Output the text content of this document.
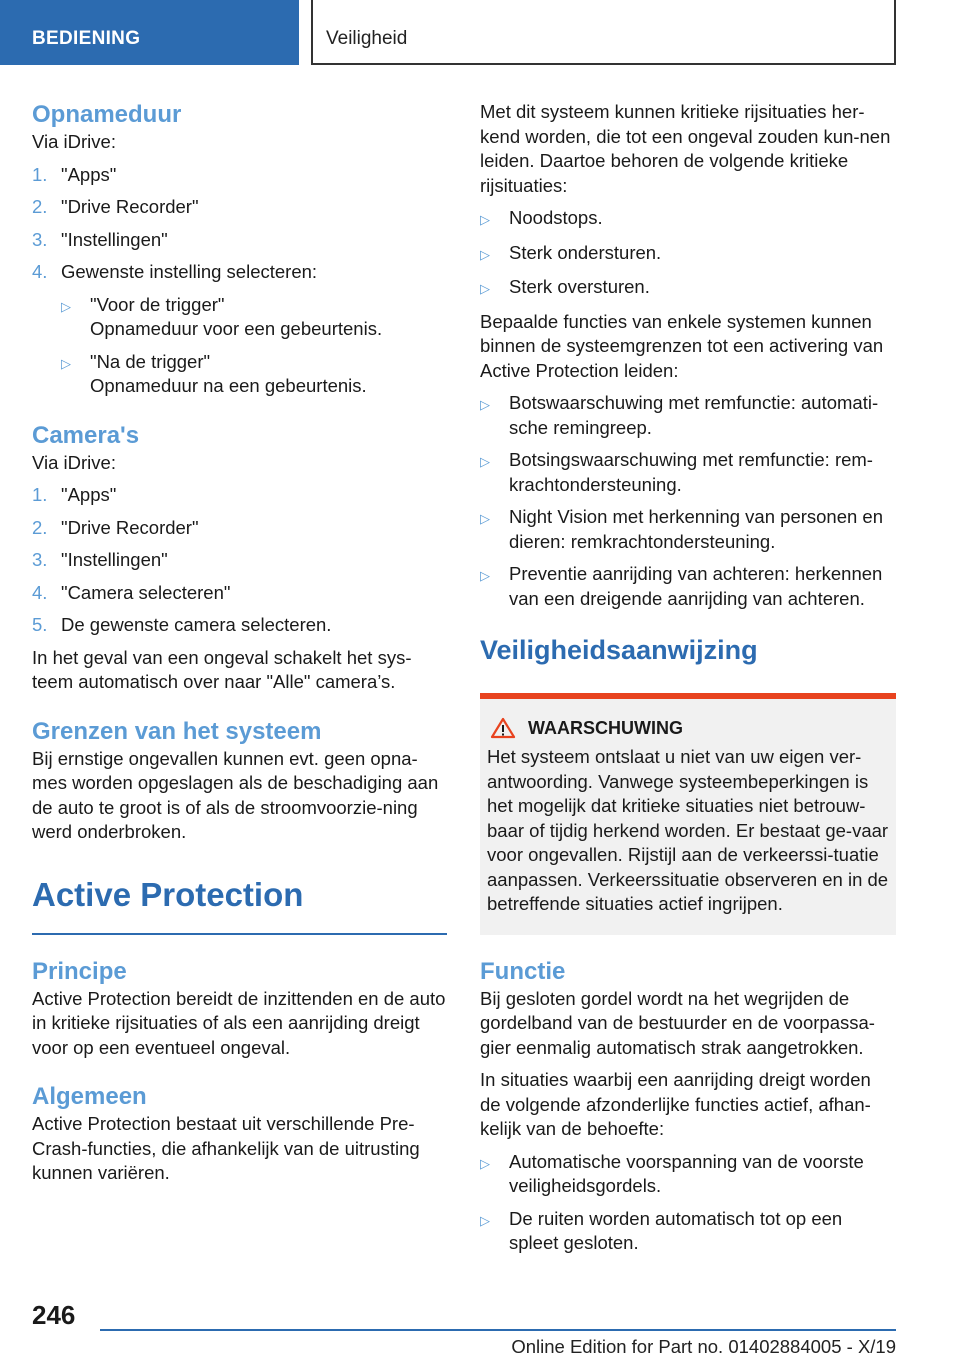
BEDIENING	Veiligheid
Opnameduur

Via iDrive:

1. "Apps"
2. "Drive Recorder"
3. "Instellingen"
4. Gewenste instelling selecteren:
▷	"Voor de trigger"
Opnameduur voor een gebeurtenis.
▷	"Na de trigger"
Opnameduur na een gebeurtenis.
Camera's

Via iDrive:

1. "Apps"
2. "Drive Recorder"
3. "Instellingen"
4. "Camera selecteren"
5. De gewenste camera selecteren.

In het geval van een ongeval schakelt het sys-teem automatisch over naar "Alle" camera’s.

Grenzen van het systeem

Bij ernstige ongevallen kunnen evt. geen opna-mes worden opgeslagen als de beschadiging aan de auto te groot is of als de stroomvoorzie-ning werd onderbroken.

Active Protection
Principe

Active Protection bereidt de inzittenden en de auto in kritieke rijsituaties of als een aanrijding dreigt voor op een eventueel ongeval.

Algemeen

Active Protection bestaat uit verschillende Pre-Crash-functies, die afhankelijk van de uitrusting kunnen variëren.

Met dit systeem kunnen kritieke rijsituaties her-kend worden, die tot een ongeval zouden kun-nen leiden. Daartoe behoren de volgende kritieke rijsituaties:

▷	Noodstops.
▷	Sterk ondersturen.
▷	Sterk oversturen.

Bepaalde functies van enkele systemen kunnen binnen de systeemgrenzen tot een activering van Active Protection leiden:

▷	Botswaarschuwing met remfunctie: automati-sche remingreep.
▷	Botsingswaarschuwing met remfunctie: rem-krachtondersteuning.
▷	Night Vision met herkenning van personen en dieren: remkrachtondersteuning.
▷	Preventie aanrijding van achteren: herkennen van een dreigende aanrijding van achteren.
Veiligheidsaanwijzing
WAARSCHUWING

Het systeem ontslaat u niet van uw eigen ver-antwoording. Vanwege systeembeperkingen is het mogelijk dat kritieke situaties niet betrouw-baar of tijdig herkend worden. Er bestaat ge-vaar voor ongevallen. Rijstijl aan de verkeerssi-tuatie aanpassen. Verkeerssituatie observeren en in de betreffende situaties actief ingrijpen.

Functie

Bij gesloten gordel wordt na het wegrijden de gordelband van de bestuurder en de voorpassa-gier eenmalig automatisch strak aangetrokken.

In situaties waarbij een aanrijding dreigt worden de volgende afzonderlijke functies actief, afhan-kelijk van de behoefte:

▷	Automatische voorspanning van de voorste veiligheidsgordels.
▷	De ruiten worden automatisch tot op een spleet gesloten.
246
Online Edition for Part no. 01402884005 - X/19
